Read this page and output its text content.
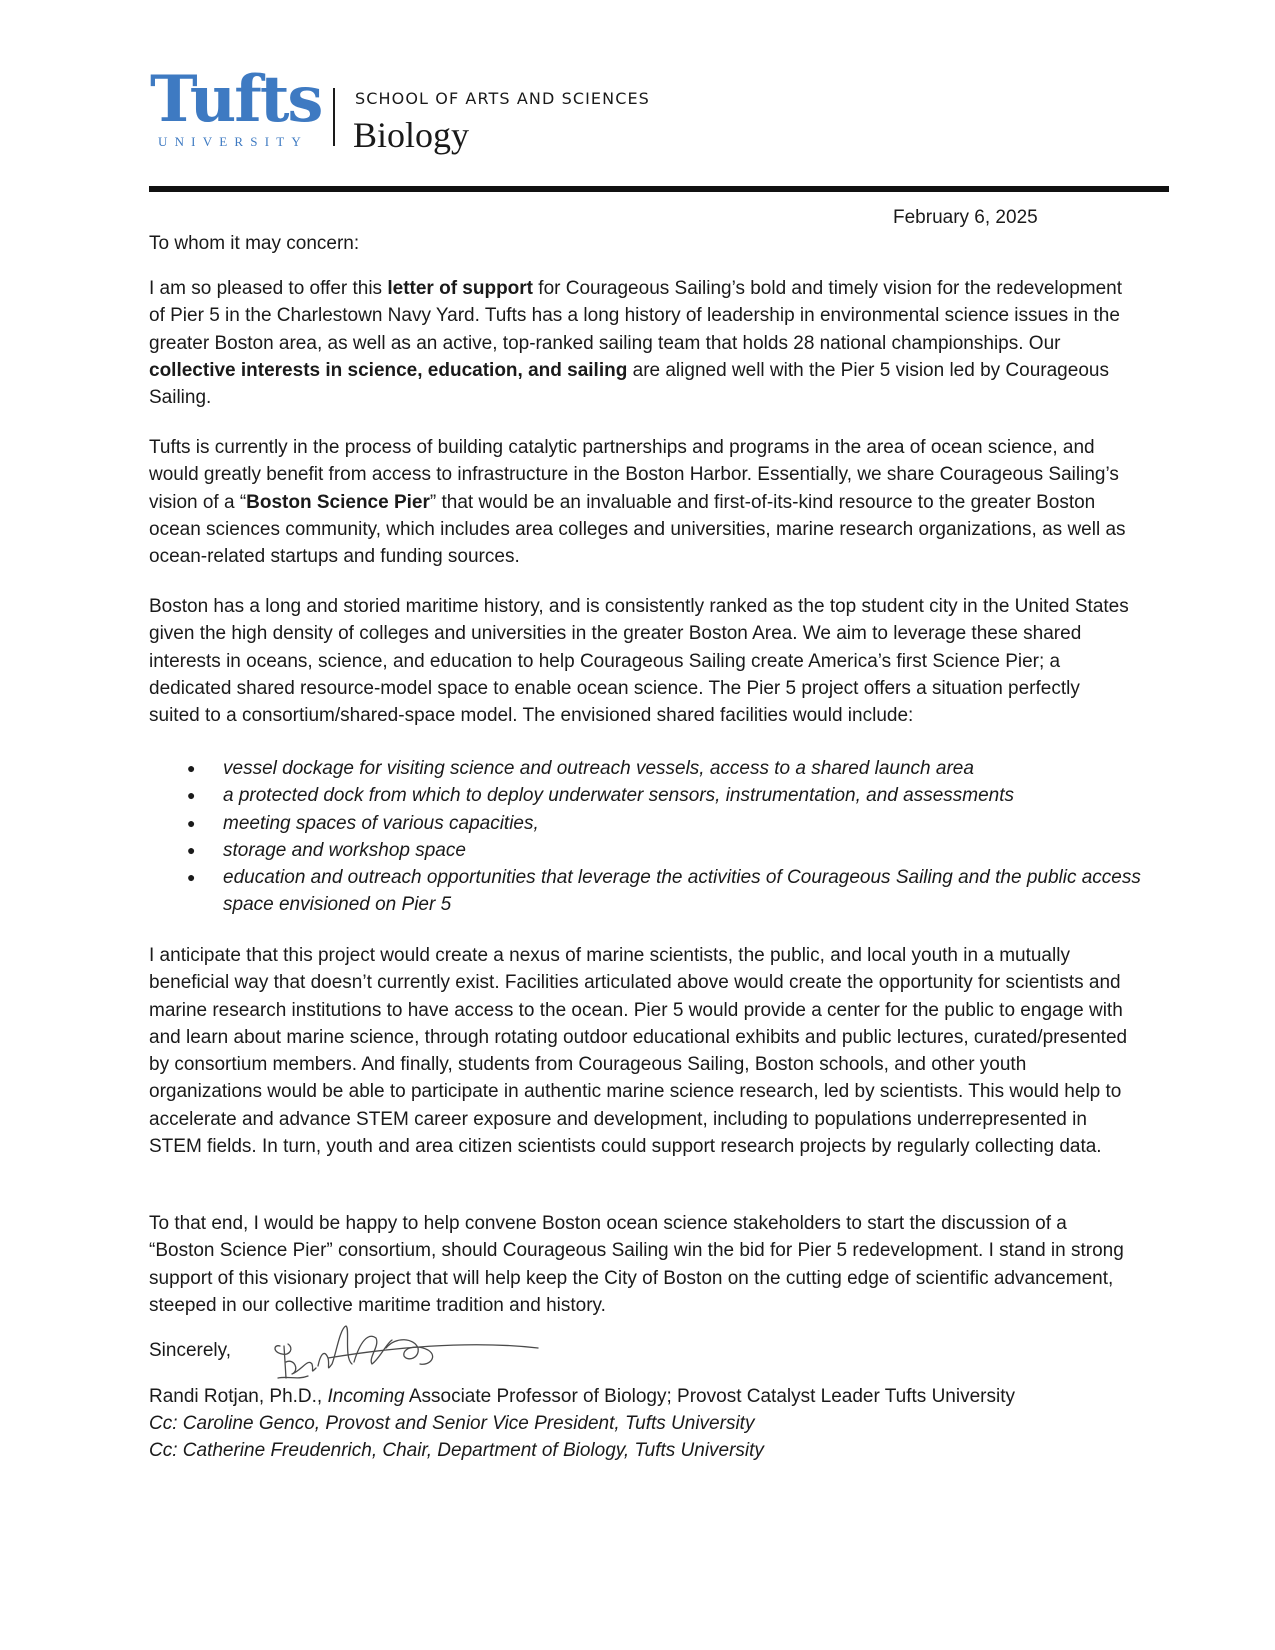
Tufts
UNIVERSITY
SCHOOL OF ARTS AND SCIENCES
Biology
February 6, 2025
To whom it may concern:

I am so pleased to offer this letter of support for Courageous Sailing’s bold and timely vision for the redevelopment of Pier 5 in the Charlestown Navy Yard. Tufts has a long history of leadership in environmental science issues in the greater Boston area, as well as an active, top-ranked sailing team that holds 28 national championships. Our collective interests in science, education, and sailing are aligned well with the Pier 5 vision led by Courageous Sailing.

Tufts is currently in the process of building catalytic partnerships and programs in the area of ocean science, and would greatly benefit from access to infrastructure in the Boston Harbor. Essentially, we share Courageous Sailing’s vision of a “Boston Science Pier” that would be an invaluable and first-of-its-kind resource to the greater Boston ocean sciences community, which includes area colleges and universities, marine research organizations, as well as ocean-related startups and funding sources.

Boston has a long and storied maritime history, and is consistently ranked as the top student city in the United States given the high density of colleges and universities in the greater Boston Area. We aim to leverage these shared interests in oceans, science, and education to help Courageous Sailing create America’s first Science Pier; a dedicated shared resource-model space to enable ocean science. The Pier 5 project offers a situation perfectly suited to a consortium/shared-space model. The envisioned shared facilities would include:

● vessel dockage for visiting science and outreach vessels, access to a shared launch area
● a protected dock from which to deploy underwater sensors, instrumentation, and assessments
● meeting spaces of various capacities,
● storage and workshop space
● education and outreach opportunities that leverage the activities of Courageous Sailing and the public access space envisioned on Pier 5

I anticipate that this project would create a nexus of marine scientists, the public, and local youth in a mutually beneficial way that doesn’t currently exist. Facilities articulated above would create the opportunity for scientists and marine research institutions to have access to the ocean. Pier 5 would provide a center for the public to engage with and learn about marine science, through rotating outdoor educational exhibits and public lectures, curated/presented by consortium members. And finally, students from Courageous Sailing, Boston schools, and other youth organizations would be able to participate in authentic marine science research, led by scientists. This would help to accelerate and advance STEM career exposure and development, including to populations underrepresented in STEM fields. In turn, youth and area citizen scientists could support research projects by regularly collecting data.

To that end, I would be happy to help convene Boston ocean science stakeholders to start the discussion of a “Boston Science Pier” consortium, should Courageous Sailing win the bid for Pier 5 redevelopment. I stand in strong support of this visionary project that will help keep the City of Boston on the cutting edge of scientific advancement, steeped in our collective maritime tradition and history.

Sincerely,
Randi Rotjan, Ph.D., Incoming Associate Professor of Biology; Provost Catalyst Leader Tufts University
Cc: Caroline Genco, Provost and Senior Vice President, Tufts University
Cc: Catherine Freudenrich, Chair, Department of Biology, Tufts University
